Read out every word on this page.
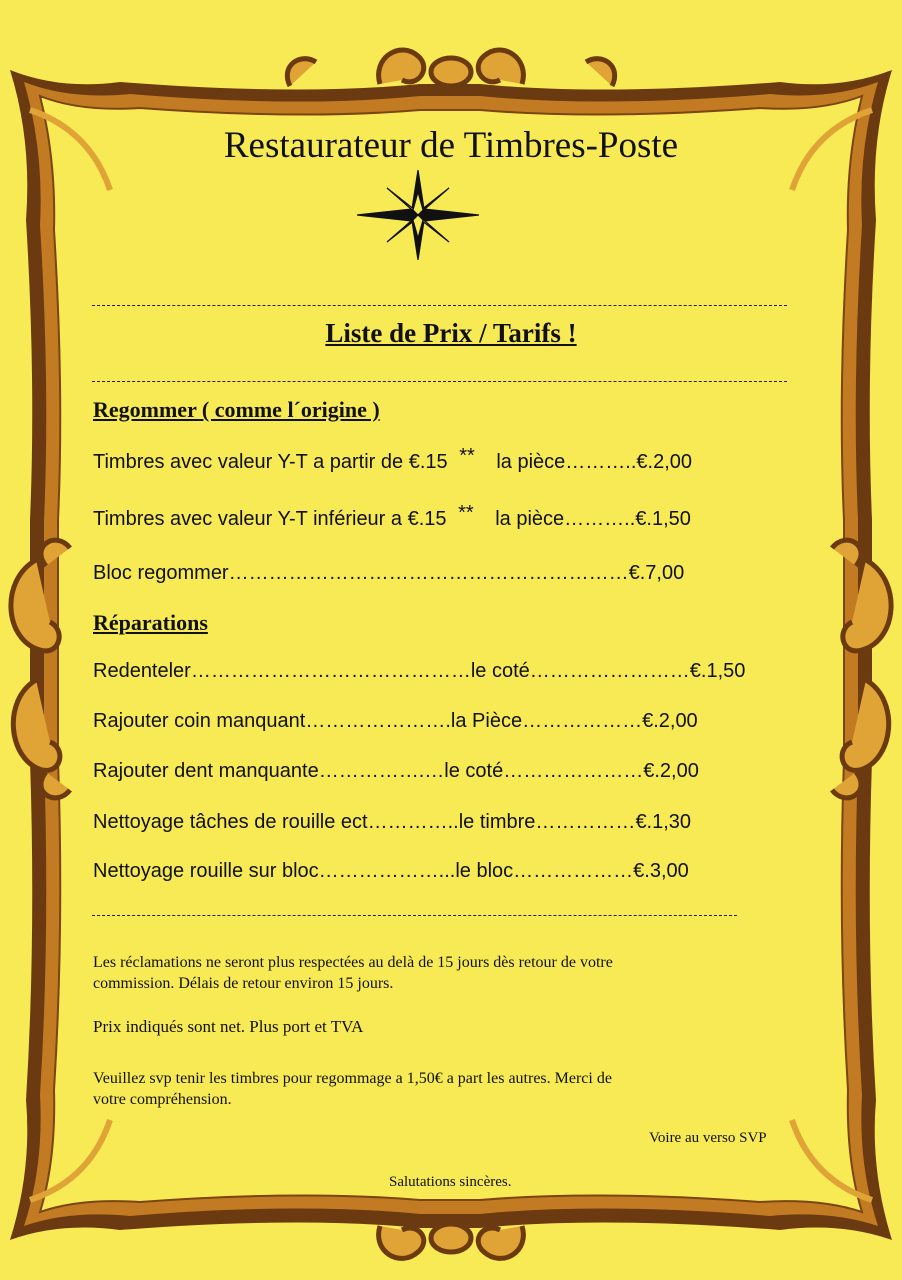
Restaurateur de Timbres-Poste
Liste de Prix / Tarifs !
Regommer ( comme l´origine )
Timbres avec valeur Y-T a partir de €.15 ** la pièce………..€.2,00
Timbres avec valeur Y-T inférieur a €.15 ** la pièce………..€.1,50
Bloc regommer……………………………………………………€.7,00
Réparations
Redenteler……………………………………le coté……………………€.1,50
Rajouter coin manquant………………….la Pièce………………€.2,00
Rajouter dent manquante…………….…le coté…………………€.2,00
Nettoyage tâches de rouille ect…………..le timbre……………€.1,30
Nettoyage rouille sur bloc………………...le bloc………………€.3,00
Les réclamations ne seront plus respectées au delà de 15 jours dès retour de votre commission. Délais de retour environ 15 jours.
Prix indiqués sont net. Plus port et TVA
Veuillez svp tenir les timbres pour regommage a 1,50€ a part les autres. Merci de votre compréhension.
Voire au verso SVP
Salutations sincères.
